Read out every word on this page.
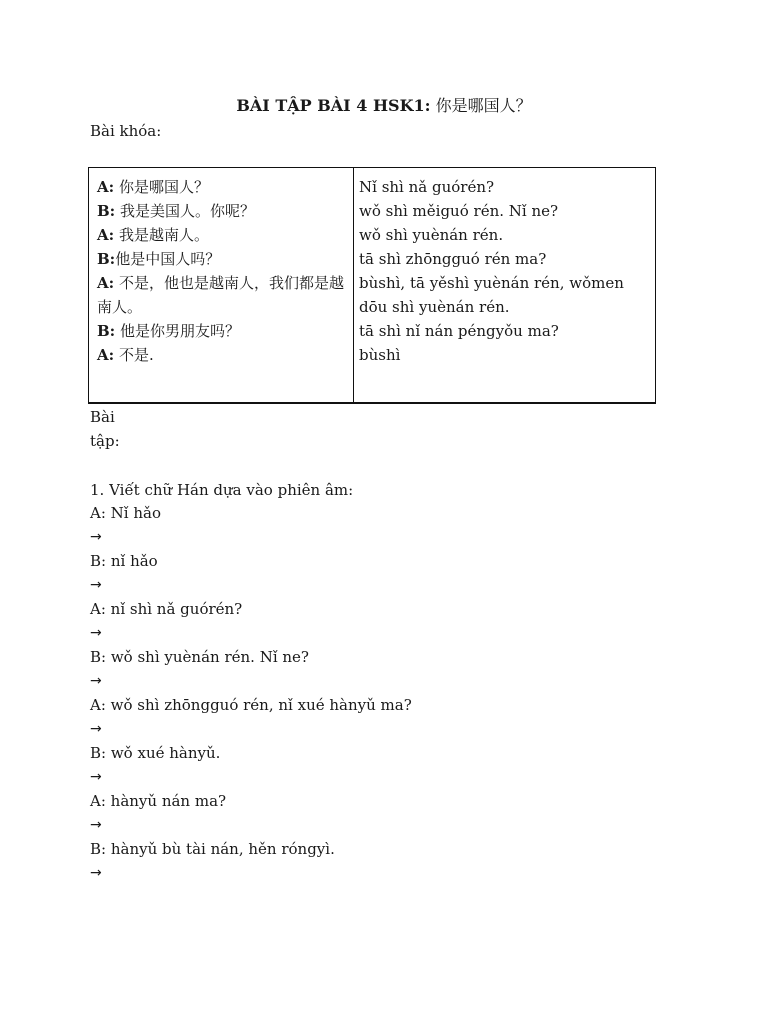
BÀI TẬP BÀI 4 HSK1: 你是哪国人？
Bài khóa:
A: 你是哪国人？
B: 我是美国人。你呢？
A: 我是越南人。
B:他是中国人吗？
A: 不是，他也是越南人，我们都是越南人。
B: 他是你男朋友吗？
A: 不是.
Nǐ shì nǎ guórén?
wǒ shì měiguó rén. Nǐ ne?
wǒ shì yuènán rén.
tā shì zhōngguó rén ma?
bùshì, tā yěshì yuènán rén, wǒmen dōu shì yuènán rén.
tā shì nǐ nán péngyǒu ma?
bùshì
Bài tập:
1. Viết chữ Hán dựa vào phiên âm:
A: Nǐ hǎo
→
B: nǐ hǎo
→
A: nǐ shì nǎ guórén?
→
B: wǒ shì yuènán rén. Nǐ ne?
→
A: wǒ shì zhōngguó rén, nǐ xué hànyǔ ma?
→
B: wǒ xué hànyǔ.
→
A: hànyǔ nán ma?
→
B: hànyǔ bù tài nán, hěn róngyì.
→
